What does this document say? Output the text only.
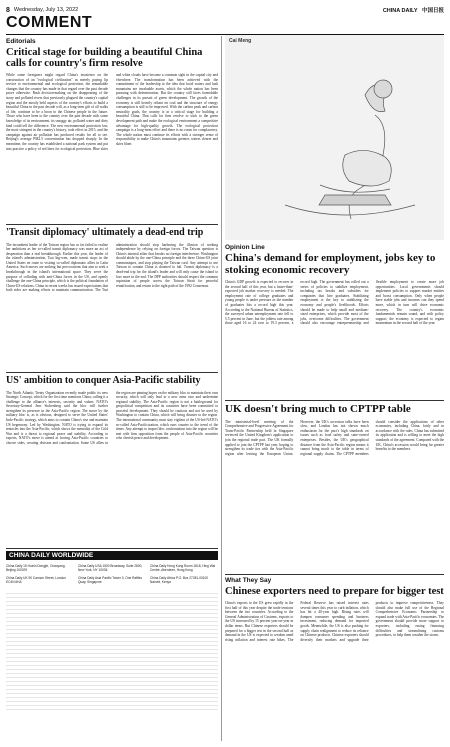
8 Wednesday, July 13, 2022	CHINA DAILY 中国日报
COMMENT
Editorials
Critical stage for building a beautiful China calls for country's firm resolve
While some foreigners might regard China's insistence on the construction of an "ecological civilization" as merely paying lip service to environmental and ecological protection, the remarkable changes that the country has made in that regard over the past decade prove otherwise. Rash decision-making on the disappearing of the stony and polluted rivers that previously plagued the country's capital region and the mostly held aspects of the country's efforts to build a beautiful China in the past decade will, as a long-term gift of all walks of life, continue to be a boon to the Chinese people in the future. Those who have been to the country over the past decade with some knowledge of its environment, its smoggy air, polluted water and dirty land could tell the difference. The new environmental protection law, the most stringent in the country's history, took effect in 2015, and the campaign against air pollution has produced results for all to see. Beijing's average PM2.5 concentration has dropped sharply. In the meantime, the country has established a national park system and put into practice a policy of red lines for ecological protection. Blue skies and white clouds have become a common sight in the capital city and elsewhere. The transformation has been achieved with the commitment of the leadership to the idea that lucid waters and lush mountains are invaluable assets, which the whole nation has been pursuing with determination. But the country still faces formidable challenges in its pursuit of green development. The growth of the economy is still heavily reliant on coal and the structure of energy consumption is still to be improved. With the carbon peak and carbon neutrality goals, the country is at a critical stage for building a beautiful China. That calls for firm resolve to stick to the green development path and make the ecological environment a competitive advantage for high-quality growth. The ecological protection campaign is a long-term effort and there is no room for complacency. The whole nation must continue its efforts with a stronger sense of responsibility to make China's mountains greener, waters clearer and skies bluer.
'Transit diplomacy' ultimately a dead-end trip
The incumbent leader of the Taiwan region has so far failed to realize her ambitions as her so-called transit diplomacy was more an act of desperation than a real breakthrough. Earlier this year, the leader of the island's administration, Tsai Ing-wen, made transit stops in the United States en route to visiting so-called diplomatic allies in Latin America. Such moves are nothing but provocations that aim to seek a breakthrough in the island's international space. They serve the purpose of colluding with anti-China forces in the US, and openly challenge the one-China principle, which is the political foundation of China-US relations. China in recent weeks has issued expectations that both sides are making efforts to maintain communication. The Tsai administration should stop harboring the illusion of seeking independence by relying on foreign forces. The Taiwan question is China's internal affair that brooks no foreign interference. Washington should abide by the one-China principle and the three China-US joint communiques, and stop playing the Taiwan card. Any attempt to use Taiwan to contain China is doomed to fail. Transit diplomacy is a dead-end trip for the island's leader and will only cause the island to lose more in the end. The DPP authorities should respect the common aspiration of people across the Taiwan Strait for peaceful reunification, and return to the right path of the 1992 Consensus.
US' ambition to conquer Asia-Pacific stability
The North Atlantic Treaty Organization recently made public its new Strategic Concept, which for the first time mentions China, calling it a challenge to the alliance's interests, security and values. NATO's Secretary-General Jens Stoltenberg said the bloc will further strengthen its presence in the Asia-Pacific region. The move by the military bloc is, as is obvious, designed to serve the United States' Indo-Pacific strategy, which aims to contain China's rise and maintain US hegemony. Led by Washington, NATO is trying to expand its tentacles into the Asia-Pacific, which shows the mentality of the Cold War and is a threat to regional peace and stability. According to experts, NATO's move is aimed at forcing Asia-Pacific countries to choose sides, creating division and confrontation. Some US allies in the region are pinning hopes on the military bloc to maintain their own security, which will only lead to a new arms race and undermine regional stability. The Asia-Pacific region is not a battleground for geopolitical competition and its countries have been committed to peaceful development. They should be cautious and not be used by Washington to contain China, which will bring disaster to the region. The international community must stay vigilant of the US-led NATO's so-called Asia-Pacificization, which runs counter to the trend of the times. Any attempt to import bloc confrontation into the region will be met with firm opposition from the people of Asia-Pacific countries who cherish peace and development.
CHINA DAILY WORLDWIDE
China Daily 15 Huixin Dongjie, Chaoyang, Beijing 100029
China Daily USA 1500 Broadway, Suite 2800, New York, NY 10036
China Daily Hong Kong Room 1818, Hing Wai Centre, Aberdeen, Hong Kong
China Daily UK 90 Cannon Street, London EC4N 6HA
China Daily Asia Pacific Tower 3, One Raffles Quay, Singapore
China Daily Africa P.O. Box 27281-00100 Nairobi, Kenya
Cai Meng
Opinion Line
China's demand for employment, jobs key to stoking economic recovery
China's GDP growth is expected to recover in the second half of this year, but a faster-than-expected job market recovery is needed. The employment rate of college graduates and young people is under pressure as the number of graduates hits a record high this year. According to the National Bureau of Statistics, the surveyed urban unemployment rate fell to 5.5 percent in June, but the jobless rate among those aged 16 to 24 rose to 19.3 percent, a record high. The government has rolled out a series of policies to stabilize employment, including tax breaks and subsidies for companies that hire graduates. Stabilizing employment is the key to stabilizing the economy and people's livelihoods. Efforts should be made to help small and medium-sized enterprises, which provide most of the jobs, overcome difficulties. The government should also encourage entrepreneurship and flexible employment to create more job opportunities. Local governments should implement policies to support market entities and boost consumption. Only when people have stable jobs and incomes can they spend more, which in turn will drive economic recovery. The country's economic fundamentals remain sound, and with policy support, the economy is expected to regain momentum in the second half of the year.
UK doesn't bring much to CPTPP table
The ministerial-level meeting of the Comprehensive and Progressive Agreement for Trans-Pacific Partnership held in Singapore reviewed the United Kingdom's application to join the regional trade pact. The UK formally applied to join the CPTPP last year, hoping to strengthen its trade ties with the Asia-Pacific region after leaving the European Union. However, the UK's accession talks have been slow, and London has not shown much enthusiasm for the pact's high standards on issues such as food safety and state-owned enterprises. Besides, the UK's geographical distance from the Asia-Pacific region means it cannot bring much to the table in terms of regional supply chains. The CPTPP members should consider the applications of other economies, including China, fairly and in accordance with the rules. China has submitted its application and is willing to meet the high standards of the agreement. Compared with the UK, China's accession would bring far greater benefits to the members.
What They Say
Chinese exporters need to prepare for bigger test
China's exports to the US grew rapidly in the first half of this year despite the trade tensions between the two countries. According to the General Administration of Customs, exports to the US increased by 15 percent year-on-year in dollar terms. But Chinese exporters should be prepared for a bigger test in the second half as demand in the US is expected to weaken amid rising inflation and interest rate hikes. The Federal Reserve has raised interest rates several times this year to curb inflation, which has hit a 40-year high. Rising rates will dampen consumer spending and business investment, reducing demand for imported goods. Meanwhile, the US is also pushing for supply chain realignment to reduce its reliance on Chinese products. Chinese exporters should diversify their markets and upgrade their products to improve competitiveness. They should also make full use of the Regional Comprehensive Economic Partnership to expand trade with Asia-Pacific economies. The government should provide more support to exporters, including easing financing difficulties and streamlining customs procedures, to help them weather the storm.
